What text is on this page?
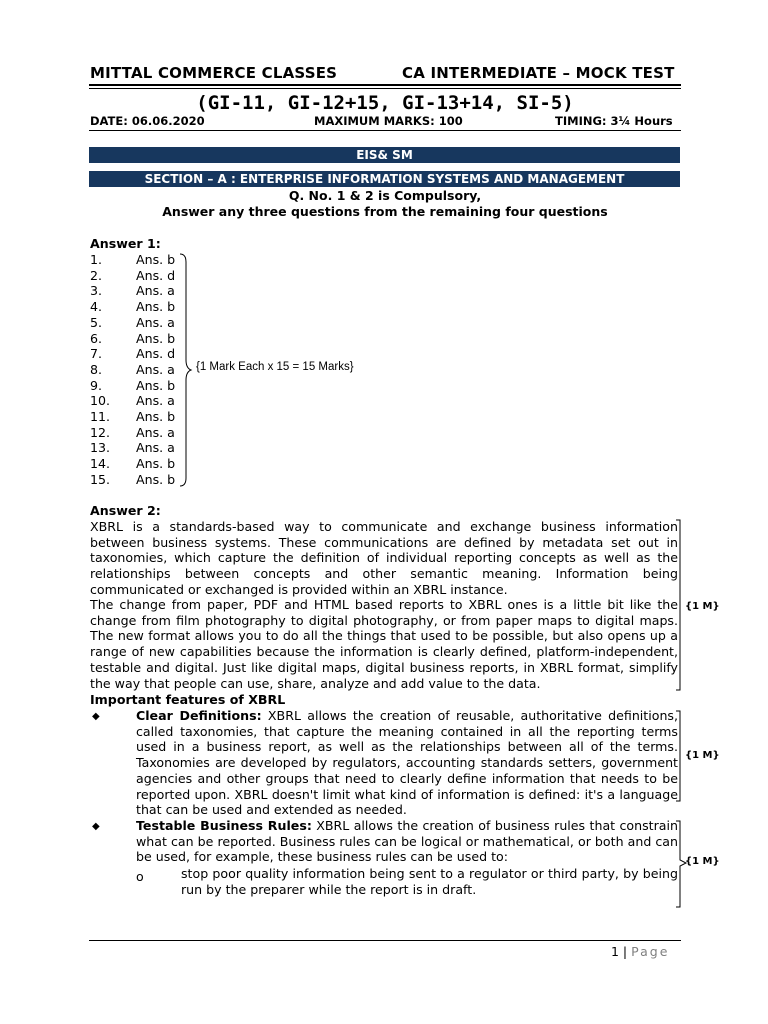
MITTAL COMMERCE CLASSES	CA INTERMEDIATE – MOCK TEST
(GI-11, GI-12+15, GI-13+14, SI-5)
DATE: 06.06.2020	MAXIMUM MARKS: 100	TIMING: 3¼ Hours
EIS& SM
SECTION – A : ENTERPRISE INFORMATION SYSTEMS AND MANAGEMENT
Q. No. 1 & 2 is Compulsory,
Answer any three questions from the remaining four questions
Answer 1:
1.	Ans. b
2.	Ans. d
3.	Ans. a
4.	Ans. b
5.	Ans. a
6.	Ans. b
7.	Ans. d
8.	Ans. a
9.	Ans. b
10. Ans. a
11. Ans. b
12. Ans. a
13. Ans. a
14. Ans. b
15. Ans. b
{1 Mark Each x 15 = 15 Marks}
Answer 2:
XBRL is a standards-based way to communicate and exchange business information between business systems. These communications are defined by metadata set out in taxonomies, which capture the definition of individual reporting concepts as well as the relationships between concepts and other semantic meaning. Information being communicated or exchanged is provided within an XBRL instance.
The change from paper, PDF and HTML based reports to XBRL ones is a little bit like the change from film photography to digital photography, or from paper maps to digital maps. The new format allows you to do all the things that used to be possible, but also opens up a range of new capabilities because the information is clearly defined, platform-independent, testable and digital. Just like digital maps, digital business reports, in XBRL format, simplify the way that people can use, share, analyze and add value to the data.
{1 M}
Important features of XBRL
◆	Clear Definitions: XBRL allows the creation of reusable, authoritative definitions, called taxonomies, that capture the meaning contained in all the reporting terms used in a business report, as well as the relationships between all of the terms. Taxonomies are developed by regulators, accounting standards setters, government agencies and other groups that need to clearly define information that needs to be reported upon. XBRL doesn't limit what kind of information is defined: it's a language that can be used and extended as needed.
{1 M}
◆	Testable Business Rules: XBRL allows the creation of business rules that constrain what can be reported. Business rules can be logical or mathematical, or both and can be used, for example, these business rules can be used to:
o	stop poor quality information being sent to a regulator or third party, by being run by the preparer while the report is in draft.
{1 M}
1 | Page
